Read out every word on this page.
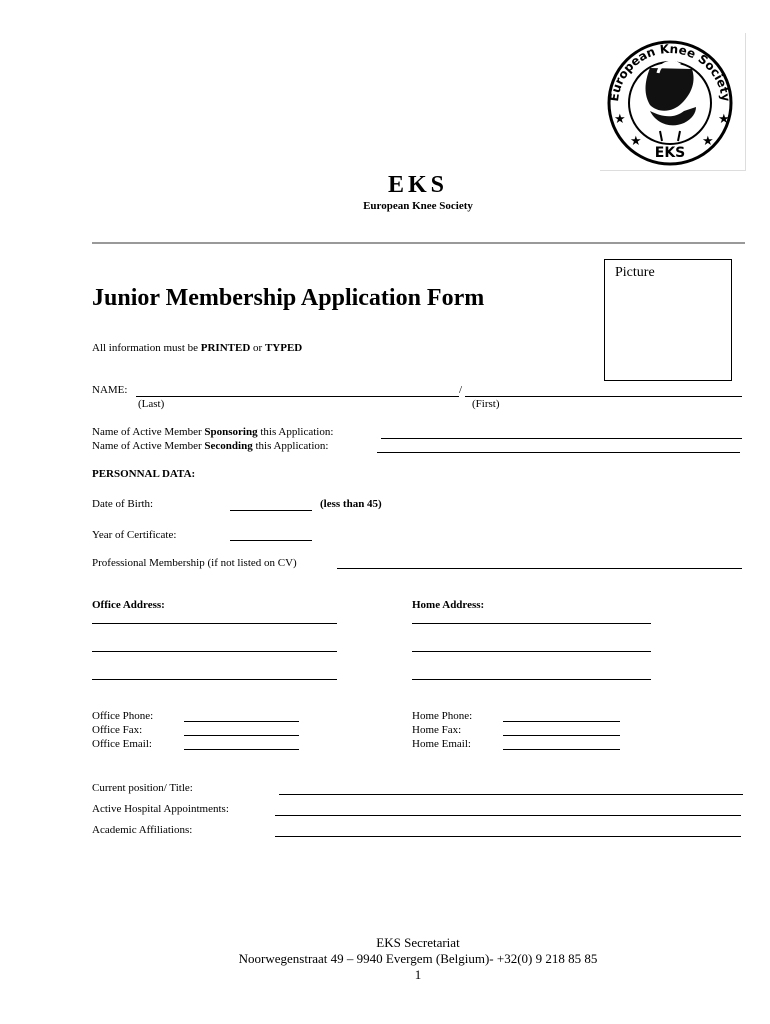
European Knee Society
★	★
★	★
EKS
EKS
European Knee Society
Picture
Junior Membership Application Form
All information must be PRINTED or TYPED
NAME:	/
(Last)	(First)
Name of Active Member Sponsoring this Application:
Name of Active Member Seconding this Application:
PERSONNAL DATA:
Date of Birth:	(less than 45)
Year of Certificate:
Professional Membership (if not listed on CV)
Office Address:	Home Address:
Office Phone:
Office Fax:
Office Email:
Home Phone:
Home Fax:
Home Email:
Current position/ Title:
Active Hospital Appointments:
Academic Affiliations:
EKS Secretariat
Noorwegenstraat 49 – 9940 Evergem (Belgium)- +32(0) 9 218 85 85
1
